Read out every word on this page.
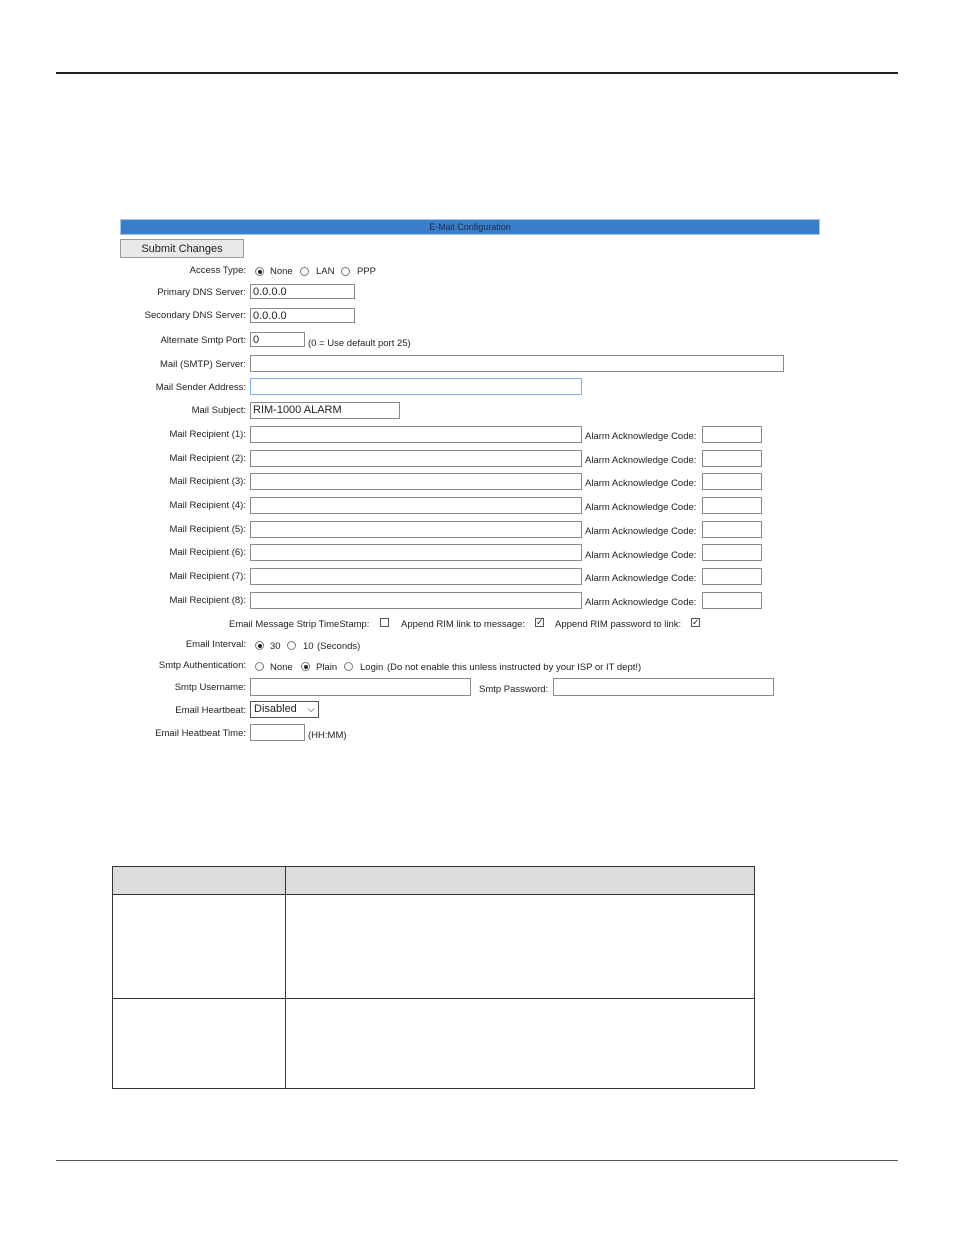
E-Mail Configuration
Submit Changes
Access Type:	None LAN PPP
Primary DNS Server: 0.0.0.0
Secondary DNS Server: 0.0.0.0
Alternate Smtp Port: 0	(0 = Use default port 25)
Mail (SMTP) Server:
Mail Sender Address:
Mail Subject: RIM-1000 ALARM
Mail Recipient (1):	Alarm Acknowledge Code:
Mail Recipient (2):	Alarm Acknowledge Code:
Mail Recipient (3):	Alarm Acknowledge Code:
Mail Recipient (4):	Alarm Acknowledge Code:
Mail Recipient (5):	Alarm Acknowledge Code:
Mail Recipient (6):	Alarm Acknowledge Code:
Mail Recipient (7):	Alarm Acknowledge Code:
Mail Recipient (8):	Alarm Acknowledge Code:
Email Message Strip TimeStamp:	Append RIM link to message: ✓ Append RIM password to link: ✓
Email Interval:	30 10 (Seconds)
Smtp Authentication:	None Plain Login (Do not enable this unless instructed by your ISP or IT dept!)
Smtp Username:	Smtp Password:
Email Heartbeat: Disabled ⌵
Email Heatbeat Time:	(HH:MM)
